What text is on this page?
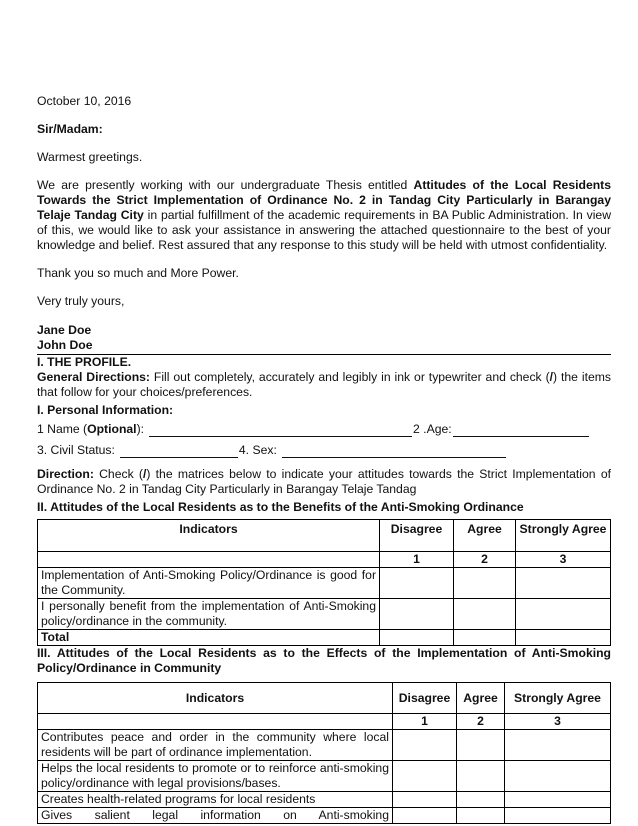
October 10, 2016

Sir/Madam:

Warmest greetings.

We are presently working with our undergraduate Thesis entitled Attitudes of the Local Residents Towards the Strict Implementation of Ordinance No. 2 in Tandag City Particularly in Barangay Telaje Tandag City in partial fulfillment of the academic requirements in BA Public Administration. In view of this, we would like to ask your assistance in answering the attached questionnaire to the best of your knowledge and belief. Rest assured that any response to this study will be held with utmost confidentiality.

Thank you so much and More Power.

Very truly yours,

Jane Doe

John Doe

I. THE PROFILE.

General Directions: Fill out completely, accurately and legibly in ink or typewriter and check (/) the items that follow for your choices/preferences.

I. Personal Information:

1 Name (Optional):	2 .Age:
3. Civil Status:	4. Sex:

Direction: Check (/) the matrices below to indicate your attitudes towards the Strict Implementation of Ordinance No. 2 in Tandag City Particularly in Barangay Telaje Tandag

II. Attitudes of the Local Residents as to the Benefits of the Anti-Smoking Ordinance

Indicators	Disagree	Agree	Strongly Agree
	1	2	3
Implementation of Anti-Smoking Policy/Ordinance is good for the Community.			
I personally benefit from the implementation of Anti-Smoking policy/ordinance in the community.			
Total			

III. Attitudes of the Local Residents as to the Effects of the Implementation of Anti-Smoking Policy/Ordinance in Community

Indicators	Disagree	Agree	Strongly Agree
	1	2	3
Contributes peace and order in the community where local residents will be part of ordinance implementation.			
Helps the local residents to promote or to reinforce anti-smoking policy/ordinance with legal provisions/bases.			
Creates health-related programs for local residents			
Gives salient legal information on Anti-smoking			
